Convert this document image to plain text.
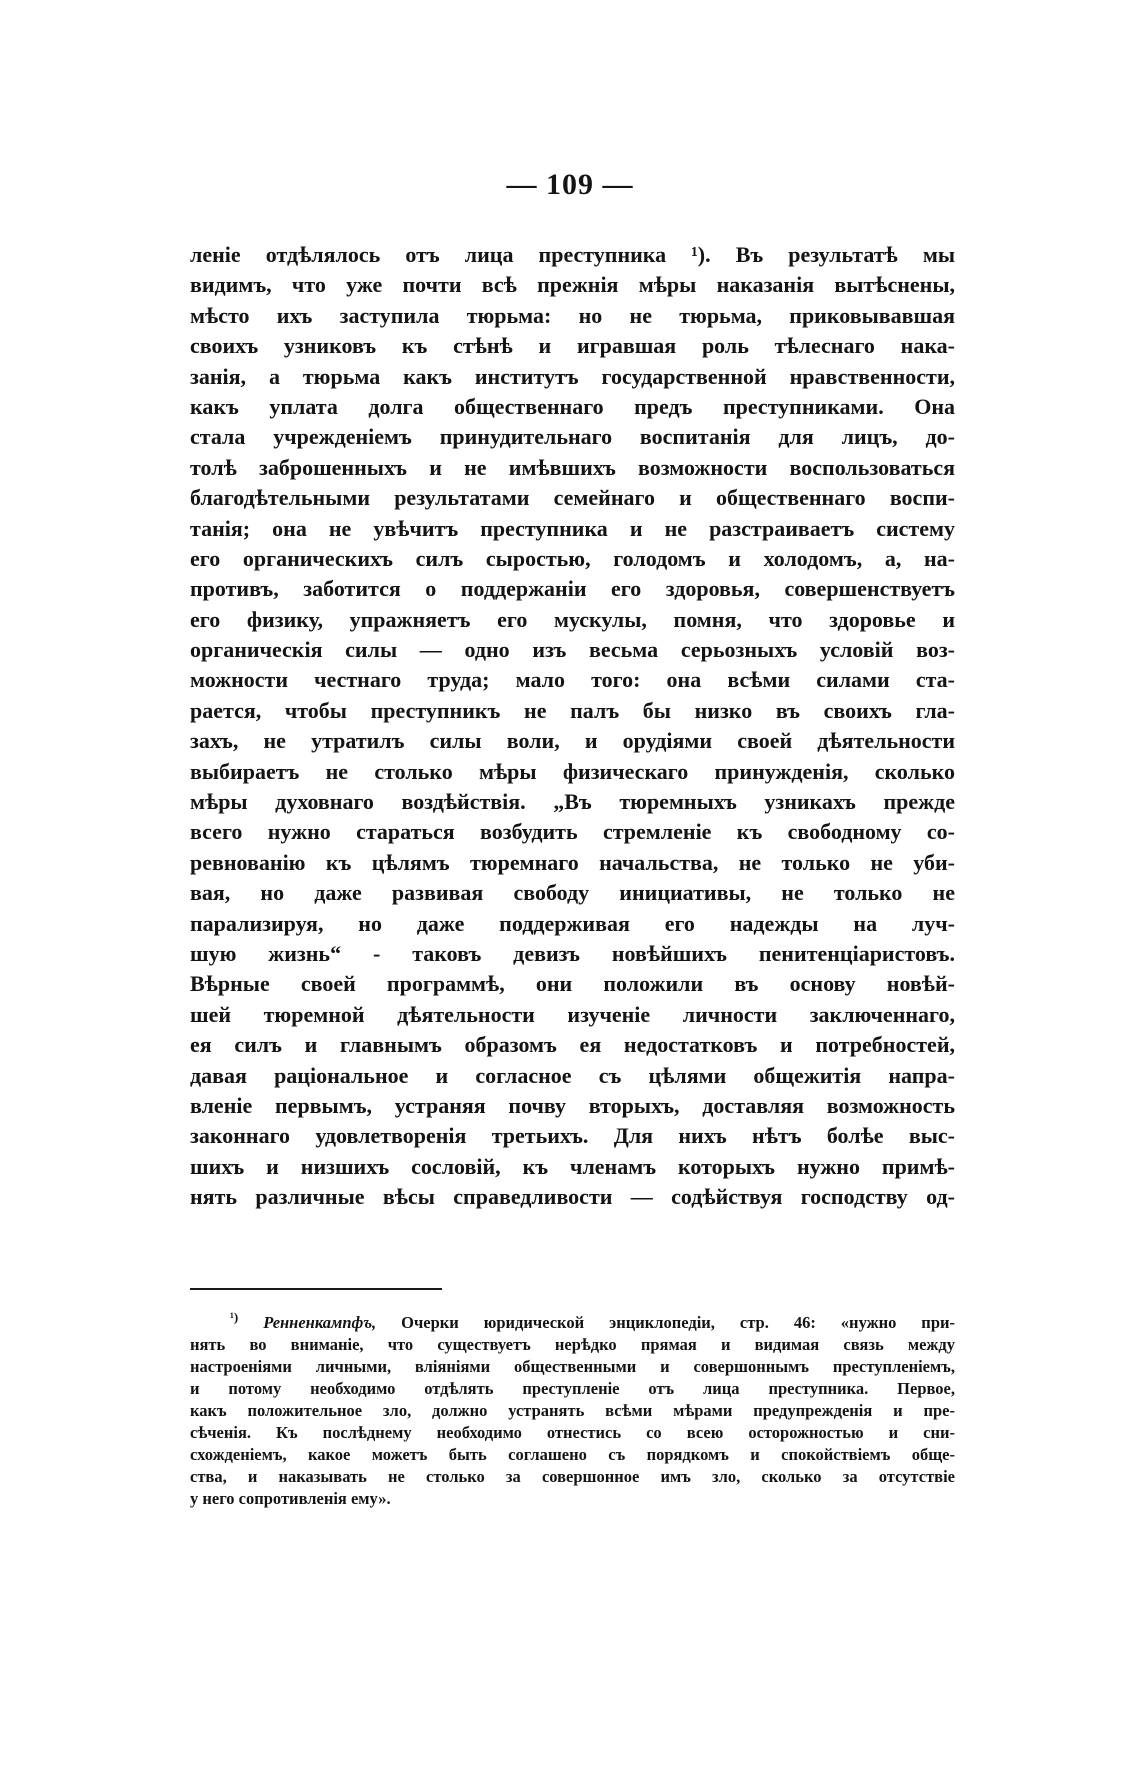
— 109 —
леніе отдѣлялось отъ лица преступника ¹). Въ результатѣ мы
видимъ, что уже почти всѣ прежнія мѣры наказанія вытѣснены,
мѣсто ихъ заступила тюрьма: но не тюрьма, приковывавшая
своихъ узниковъ къ стѣнѣ и игравшая роль тѣлеснаго нака-
занія, а тюрьма какъ институтъ государственной нравственности,
какъ уплата долга общественнаго предъ преступниками. Она
стала учрежденіемъ принудительнаго воспитанія для лицъ, до-
толѣ заброшенныхъ и не имѣвшихъ возможности воспользоваться
благодѣтельными результатами семейнаго и общественнаго воспи-
танія; она не увѣчитъ преступника и не разстраиваетъ систему
его органическихъ силъ сыростью, голодомъ и холодомъ, а, на-
противъ, заботится о поддержаніи его здоровья, совершенствуетъ
его физику, упражняетъ его мускулы, помня, что здоровье и
органическія силы — одно изъ весьма серьозныхъ условій воз-
можности честнаго труда; мало того: она всѣми силами ста-
рается, чтобы преступникъ не палъ бы низко въ своихъ гла-
захъ, не утратилъ силы воли, и орудіями своей дѣятельности
выбираетъ не столько мѣры физическаго принужденія, сколько
мѣры духовнаго воздѣйствія. „Въ тюремныхъ узникахъ прежде
всего нужно стараться возбудить стремленіе къ свободному со-
ревнованію къ цѣлямъ тюремнаго начальства, не только не уби-
вая, но даже развивая свободу инициативы, не только не
парализируя, но даже поддерживая его надежды на луч-
шую жизнь“ - таковъ девизъ новѣйшихъ пенитенціаристовъ.
Вѣрные своей программѣ, они положили въ основу новѣй-
шей тюремной дѣятельности изученіе личности заключеннаго,
ея силъ и главнымъ образомъ ея недостатковъ и потребностей,
давая раціональное и согласное съ цѣлями общежитія напра-
вленіе первымъ, устраняя почву вторыхъ, доставляя возможность
законнаго удовлетворенія третьихъ. Для нихъ нѣтъ болѣе выс-
шихъ и низшихъ сословій, къ членамъ которыхъ нужно примѣ-
нять различные вѣсы справедливости — содѣйствуя господству од-
$^{^1)}$ Ренненкампфъ, Очерки юридической энциклопедіи, стр. 46: «нужно при-
нять во вниманіе, что существуетъ нерѣдко прямая и видимая связь между
настроеніями личными, вліяніями общественными и совершоннымъ преступленіемъ,
и потому необходимо отдѣлять преступленіе отъ лица преступника. Первое,
какъ положительное зло, должно устранять всѣми мѣрами предупрежденія и пре-
сѣченія. Къ послѣднему необходимо отнестись со всею осторожностью и сни-
схожденіемъ, какое можетъ быть соглашено съ порядкомъ и спокойствіемъ обще-
ства, и наказывать не столько за совершонное имъ зло, сколько за отсутствіе
у него сопротивленія ему».
